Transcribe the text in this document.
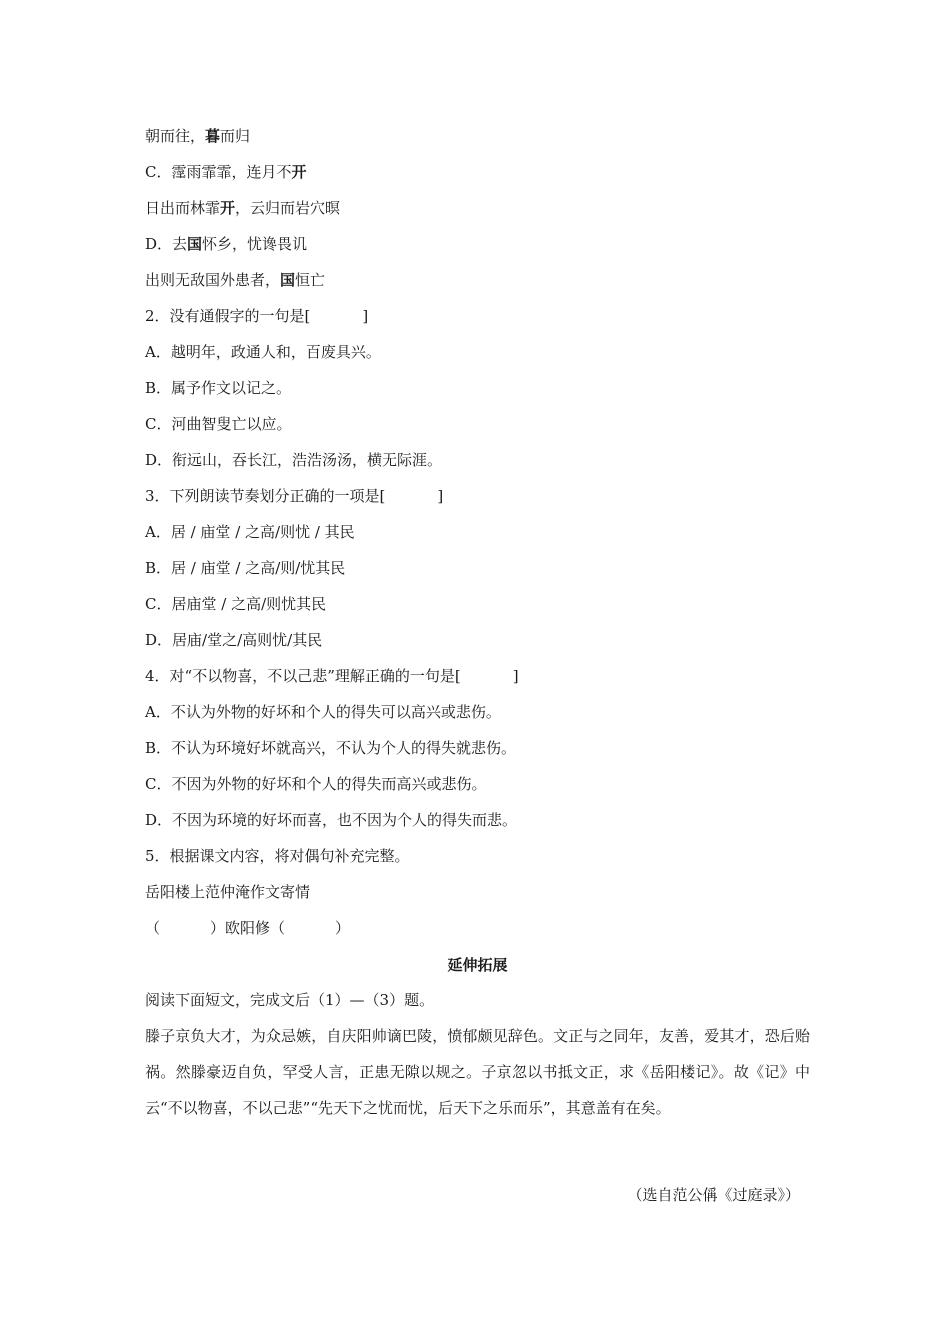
朝而往，暮而归
C．霪雨霏霏，连月不开
日出而林霏开，云归而岩穴暝
D．去国怀乡，忧谗畏讥
出则无敌国外患者，国恒亡
2．没有通假字的一句是[	]
A．越明年，政通人和，百废具兴。
B．属予作文以记之。
C．河曲智叟亡以应。
D．衔远山，吞长江，浩浩汤汤，横无际涯。
3．下列朗读节奏划分正确的一项是[	]
A．居 / 庙堂 / 之高/则忧 / 其民
B．居 / 庙堂 / 之高/则/忧其民
C．居庙堂 / 之高/则忧其民
D．居庙/堂之/高则忧/其民
4．对“不以物喜，不以己悲”理解正确的一句是[	]
A．不认为外物的好坏和个人的得失可以高兴或悲伤。
B．不认为环境好坏就高兴，不认为个人的得失就悲伤。
C．不因为外物的好坏和个人的得失而高兴或悲伤。
D．不因为环境的好坏而喜，也不因为个人的得失而悲。
5．根据课文内容，将对偶句补充完整。
岳阳楼上范仲淹作文寄情
（	）欧阳修（	）
延伸拓展
阅读下面短文，完成文后（1）—（3）题。
滕子京负大才，为众忌嫉，自庆阳帅谪巴陵，愤郁颇见辞色。文正与之同年，友善，爱其才，恐后贻祸。然滕豪迈自负，罕受人言，正患无隙以规之。子京忽以书抵文正，求《岳阳楼记》。故《记》中云“不以物喜，不以己悲”“先天下之忧而忧，后天下之乐而乐”，其意盖有在矣。
（选自范公偁《过庭录》）
